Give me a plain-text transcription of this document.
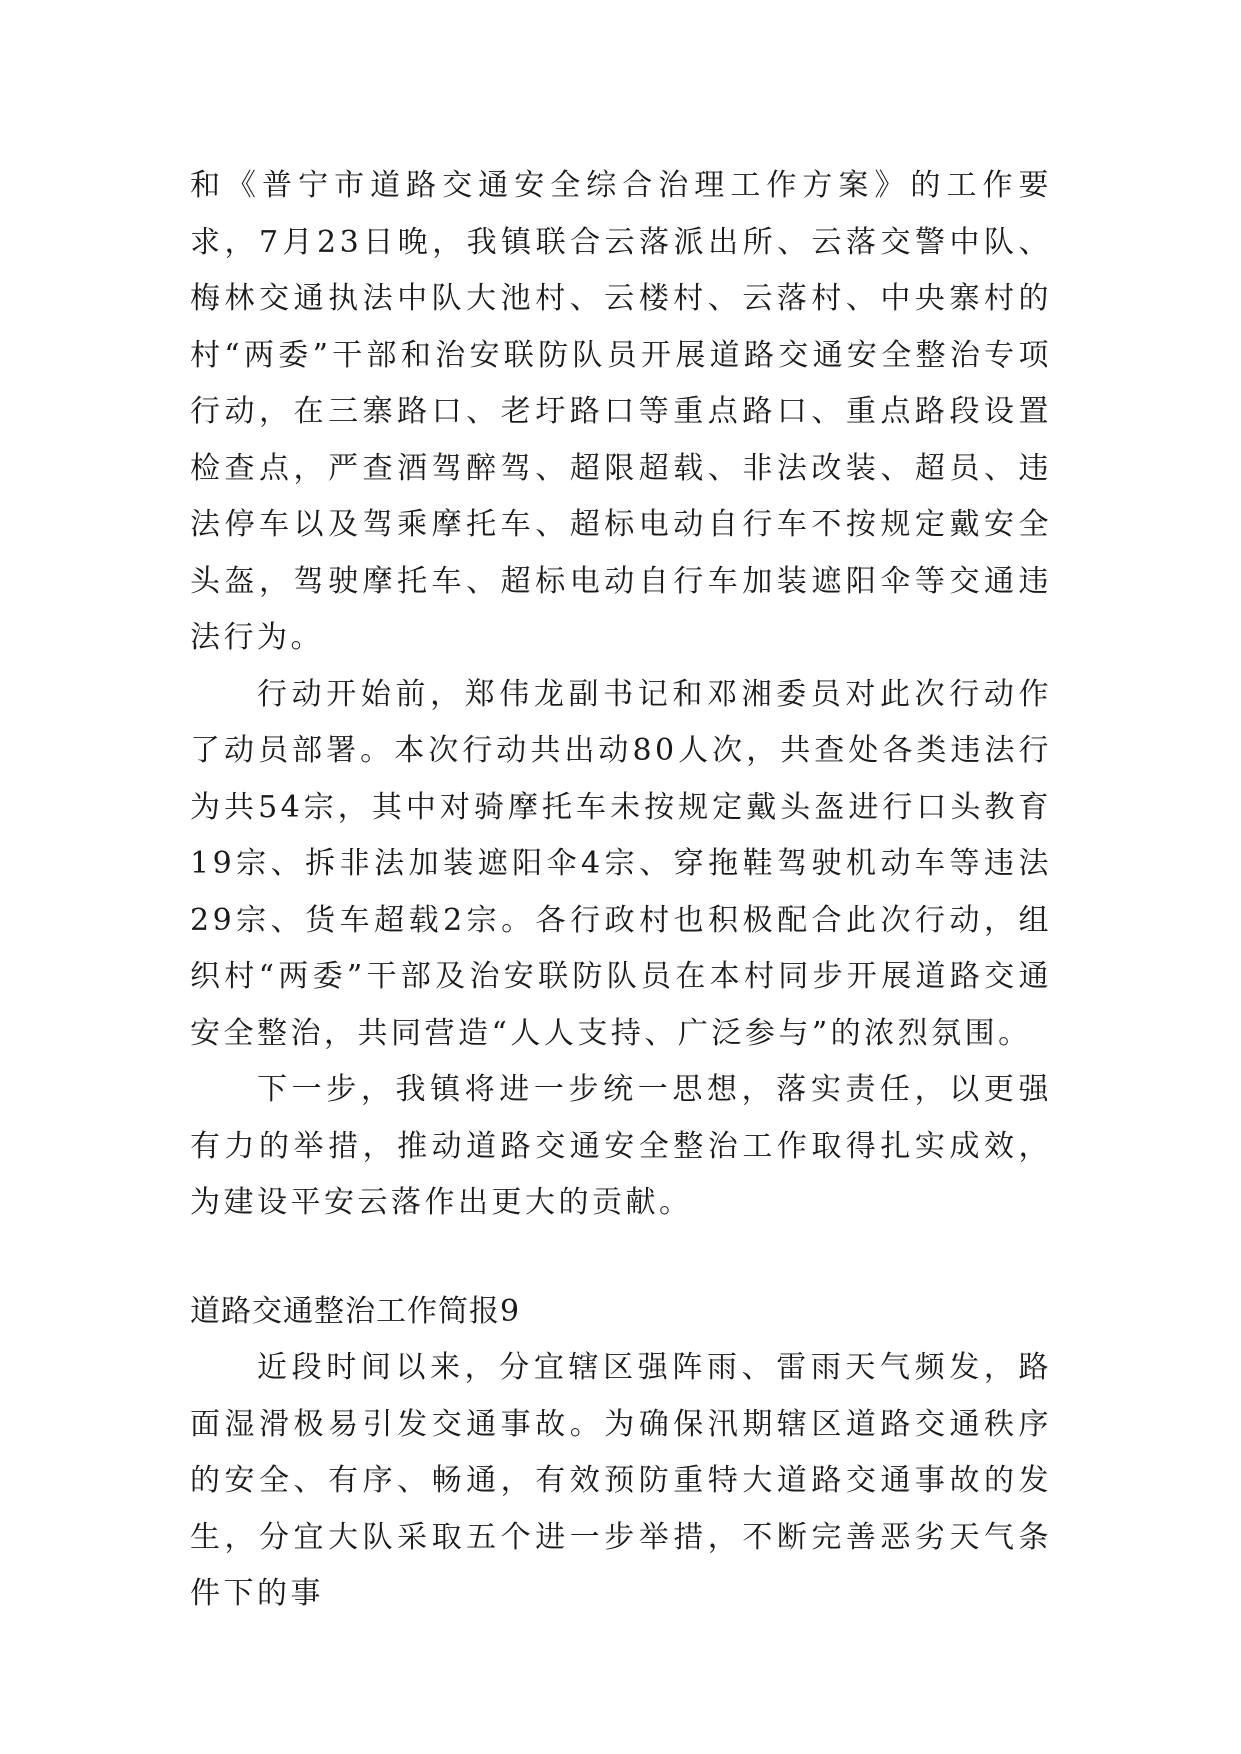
和《普宁市道路交通安全综合治理工作方案》的工作要求，7月23日晚，我镇联合云落派出所、云落交警中队、梅林交通执法中队大池村、云楼村、云落村、中央寨村的村“两委”干部和治安联防队员开展道路交通安全整治专项行动，在三寨路口、老圩路口等重点路口、重点路段设置检查点，严查酒驾醉驾、超限超载、非法改装、超员、违法停车以及驾乘摩托车、超标电动自行车不按规定戴安全头盔，驾驶摩托车、超标电动自行车加装遮阳伞等交通违法行为。

行动开始前，郑伟龙副书记和邓湘委员对此次行动作了动员部署。本次行动共出动80人次，共查处各类违法行为共54宗，其中对骑摩托车未按规定戴头盔进行口头教育19宗、拆非法加装遮阳伞4宗、穿拖鞋驾驶机动车等违法29宗、货车超载2宗。各行政村也积极配合此次行动，组织村“两委”干部及治安联防队员在本村同步开展道路交通安全整治，共同营造“人人支持、广泛参与”的浓烈氛围。

下一步，我镇将进一步统一思想，落实责任，以更强有力的举措，推动道路交通安全整治工作取得扎实成效，为建设平安云落作出更大的贡献。

道路交通整治工作简报9

近段时间以来，分宜辖区强阵雨、雷雨天气频发，路面湿滑极易引发交通事故。为确保汛期辖区道路交通秩序的安全、有序、畅通，有效预防重特大道路交通事故的发生，分宜大队采取五个进一步举措，不断完善恶劣天气条件下的事
